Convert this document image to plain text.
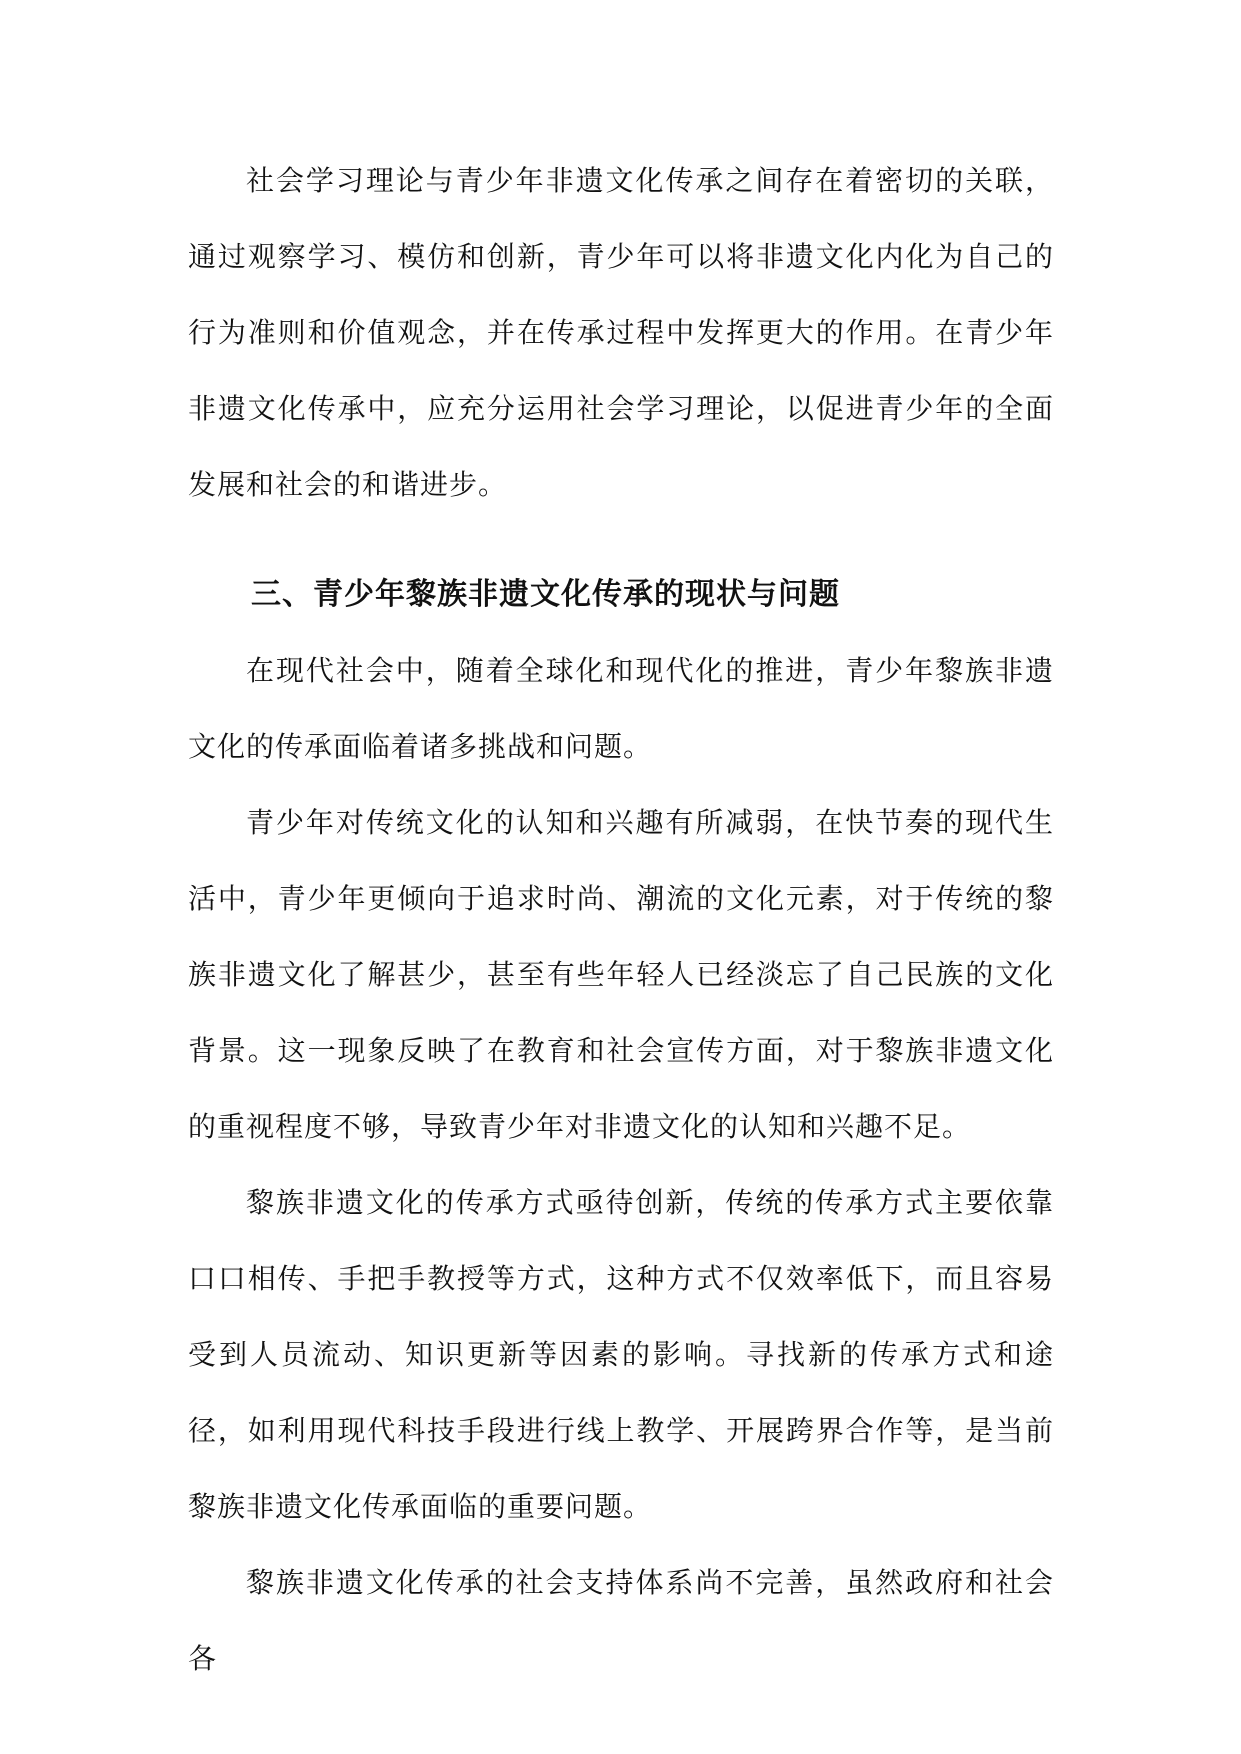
社会学习理论与青少年非遗文化传承之间存在着密切的关联，通过观察学习、模仿和创新，青少年可以将非遗文化内化为自己的行为准则和价值观念，并在传承过程中发挥更大的作用。在青少年非遗文化传承中，应充分运用社会学习理论，以促进青少年的全面发展和社会的和谐进步。

三、青少年黎族非遗文化传承的现状与问题

在现代社会中，随着全球化和现代化的推进，青少年黎族非遗文化的传承面临着诸多挑战和问题。

青少年对传统文化的认知和兴趣有所减弱，在快节奏的现代生活中，青少年更倾向于追求时尚、潮流的文化元素，对于传统的黎族非遗文化了解甚少，甚至有些年轻人已经淡忘了自己民族的文化背景。这一现象反映了在教育和社会宣传方面，对于黎族非遗文化的重视程度不够，导致青少年对非遗文化的认知和兴趣不足。

黎族非遗文化的传承方式亟待创新，传统的传承方式主要依靠口口相传、手把手教授等方式，这种方式不仅效率低下，而且容易受到人员流动、知识更新等因素的影响。寻找新的传承方式和途径，如利用现代科技手段进行线上教学、开展跨界合作等，是当前黎族非遗文化传承面临的重要问题。

黎族非遗文化传承的社会支持体系尚不完善，虽然政府和社会各
